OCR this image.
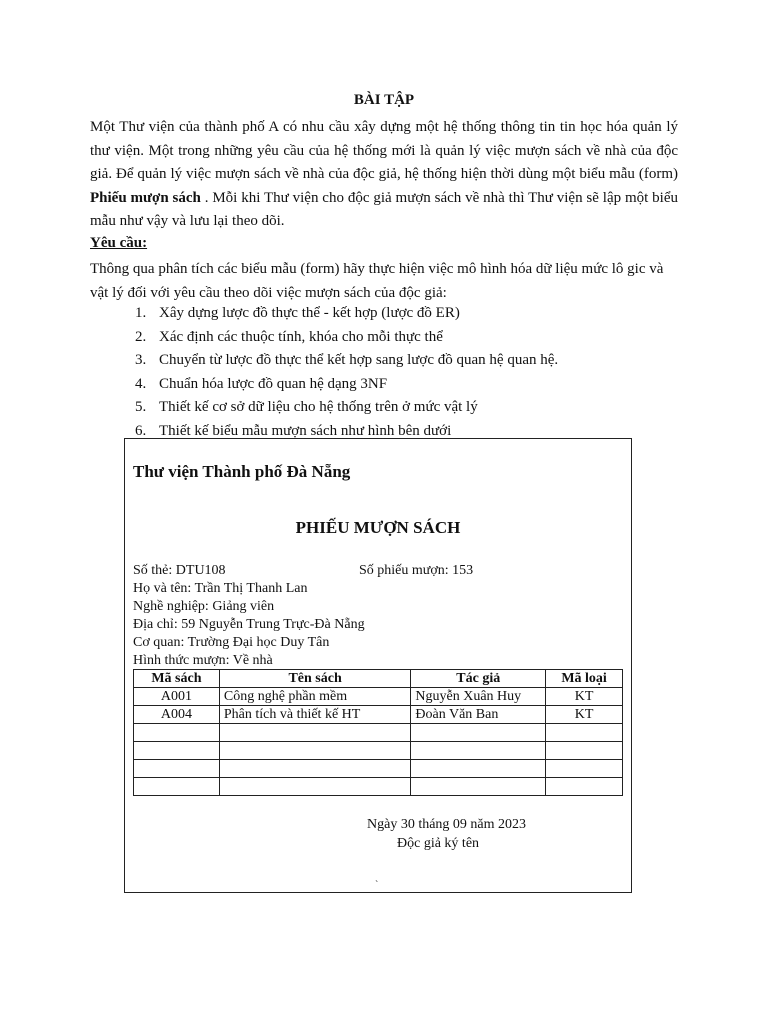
BÀI TẬP
Một Thư viện của thành phố A có nhu cầu xây dựng một hệ thống thông tin tin học hóa quản lý thư viện. Một trong những yêu cầu của hệ thống mới là quản lý việc mượn sách về nhà của độc giả. Để quản lý việc mượn sách về nhà của độc giả, hệ thống hiện thời dùng một biểu mẫu (form) Phiếu mượn sách . Mỗi khi Thư viện cho độc giả mượn sách về nhà thì Thư viện sẽ lập một biểu mẫu như vậy và lưu lại theo dõi.
Yêu cầu:
Thông qua phân tích các biểu mẫu (form) hãy thực hiện việc mô hình hóa dữ liệu mức lô gic và vật lý đối với yêu cầu theo dõi việc mượn sách của độc giả:
1. Xây dựng lược đồ thực thể - kết hợp (lược đồ ER)
2. Xác định các thuộc tính, khóa cho mỗi thực thể
3. Chuyển từ lược đồ thực thể kết hợp sang lược đồ quan hệ quan hệ.
4. Chuẩn hóa lược đồ quan hệ dạng 3NF
5. Thiết kế cơ sở dữ liệu cho hệ thống trên ở mức vật lý
6. Thiết kế biểu mẫu mượn sách như hình bên dưới
Thư viện Thành phố Đà Nẵng
PHIẾU MƯỢN SÁCH
Số thẻ: DTU108	Số phiếu mượn: 153
Họ và tên: Trần Thị Thanh Lan
Nghề nghiệp: Giảng viên
Địa chỉ: 59 Nguyễn Trung Trực-Đà Nẵng
Cơ quan: Trường Đại học Duy Tân
Hình thức mượn: Về nhà
Mã sách	Tên sách	Tác giả	Mã loại
A001	Công nghệ phần mềm	Nguyễn Xuân Huy	KT
A004	Phân tích và thiết kế HT	Đoàn Văn Ban	KT

Ngày 30 tháng 09 năm 2023
Độc giả ký tên
`
